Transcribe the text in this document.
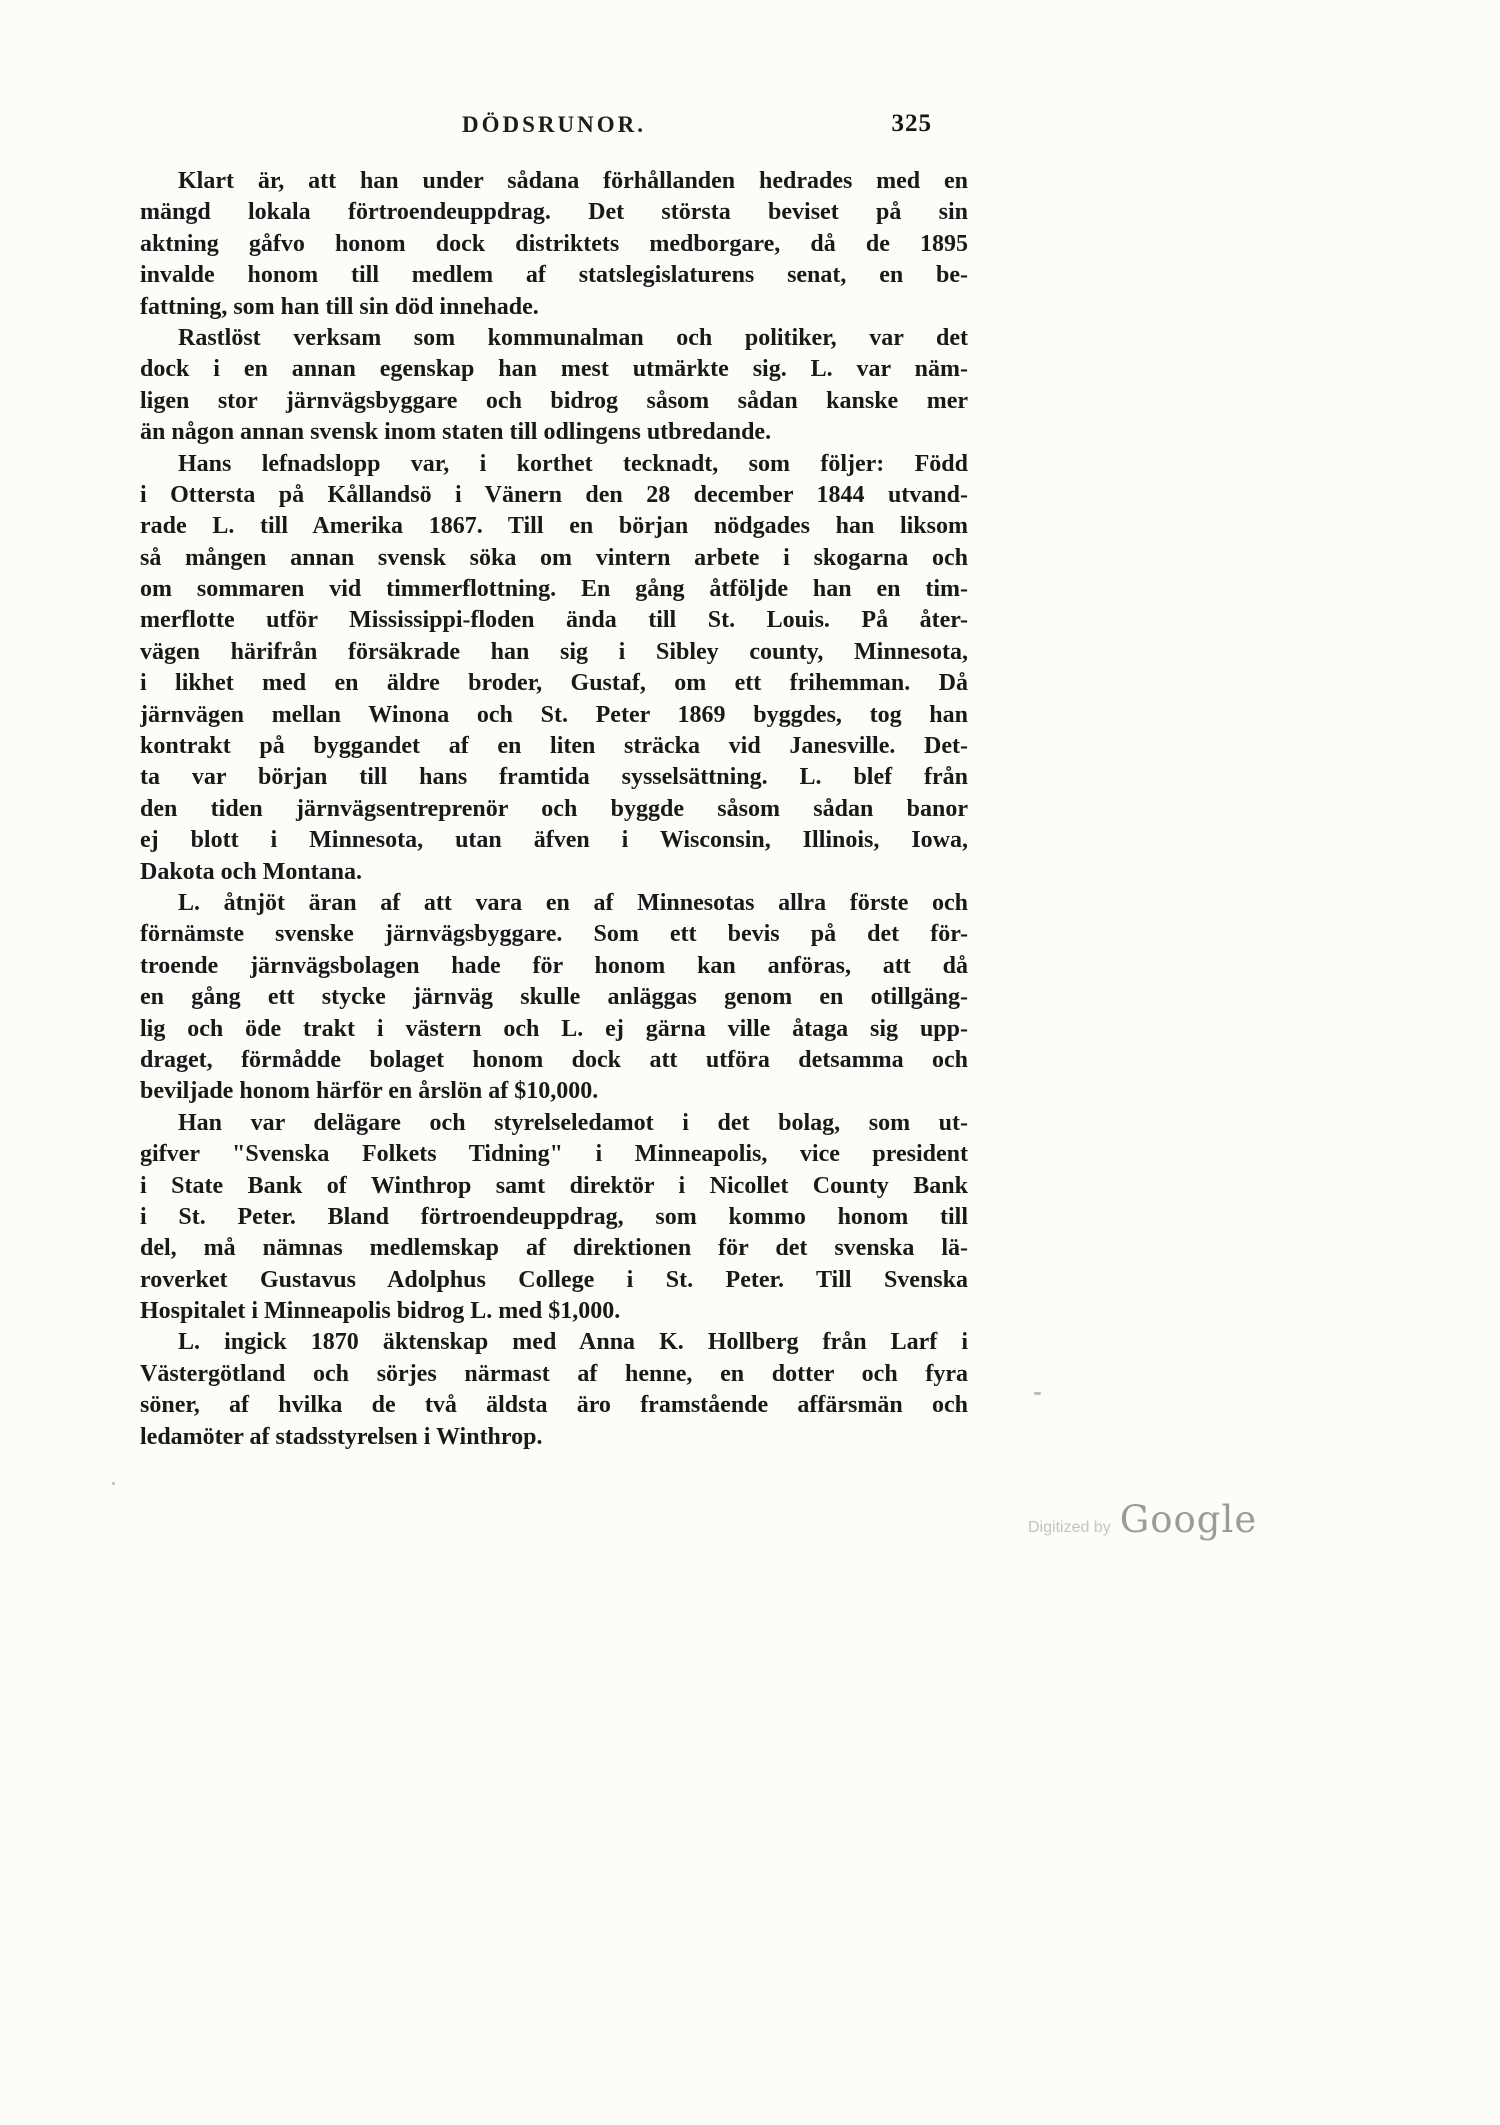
DÖDSRUNOR.	325
Klart är, att han under sådana förhållanden hedrades med en
mängd lokala förtroendeuppdrag. Det största beviset på sin
aktning gåfvo honom dock distriktets medborgare, då de 1895
invalde honom till medlem af statslegislaturens senat, en be-
fattning, som han till sin död innehade.
Rastlöst verksam som kommunalman och politiker, var det
dock i en annan egenskap han mest utmärkte sig. L. var näm-
ligen stor järnvägsbyggare och bidrog såsom sådan kanske mer
än någon annan svensk inom staten till odlingens utbredande.
Hans lefnadslopp var, i korthet tecknadt, som följer: Född
i Ottersta på Kållandsö i Vänern den 28 december 1844 utvand-
rade L. till Amerika 1867. Till en början nödgades han liksom
så mången annan svensk söka om vintern arbete i skogarna och
om sommaren vid timmerflottning. En gång åtföljde han en tim-
merflotte utför Mississippi-floden ända till St. Louis. På åter-
vägen härifrån försäkrade han sig i Sibley county, Minnesota,
i likhet med en äldre broder, Gustaf, om ett frihemman. Då
järnvägen mellan Winona och St. Peter 1869 byggdes, tog han
kontrakt på byggandet af en liten sträcka vid Janesville. Det-
ta var början till hans framtida sysselsättning. L. blef från
den tiden järnvägsentreprenör och byggde såsom sådan banor
ej blott i Minnesota, utan äfven i Wisconsin, Illinois, Iowa,
Dakota och Montana.
L. åtnjöt äran af att vara en af Minnesotas allra förste och
förnämste svenske järnvägsbyggare. Som ett bevis på det för-
troende järnvägsbolagen hade för honom kan anföras, att då
en gång ett stycke järnväg skulle anläggas genom en otillgäng-
lig och öde trakt i västern och L. ej gärna ville åtaga sig upp-
draget, förmådde bolaget honom dock att utföra detsamma och
beviljade honom härför en årslön af $10,000.
Han var delägare och styrelseledamot i det bolag, som ut-
gifver "Svenska Folkets Tidning" i Minneapolis, vice president
i State Bank of Winthrop samt direktör i Nicollet County Bank
i St. Peter. Bland förtroendeuppdrag, som kommo honom till
del, må nämnas medlemskap af direktionen för det svenska lä-
roverket Gustavus Adolphus College i St. Peter. Till Svenska
Hospitalet i Minneapolis bidrog L. med $1,000.
L. ingick 1870 äktenskap med Anna K. Hollberg från Larf i
Västergötland och sörjes närmast af henne, en dotter och fyra
söner, af hvilka de två äldsta äro framstående affärsmän och
ledamöter af stadsstyrelsen i Winthrop.
Digitized by Google
